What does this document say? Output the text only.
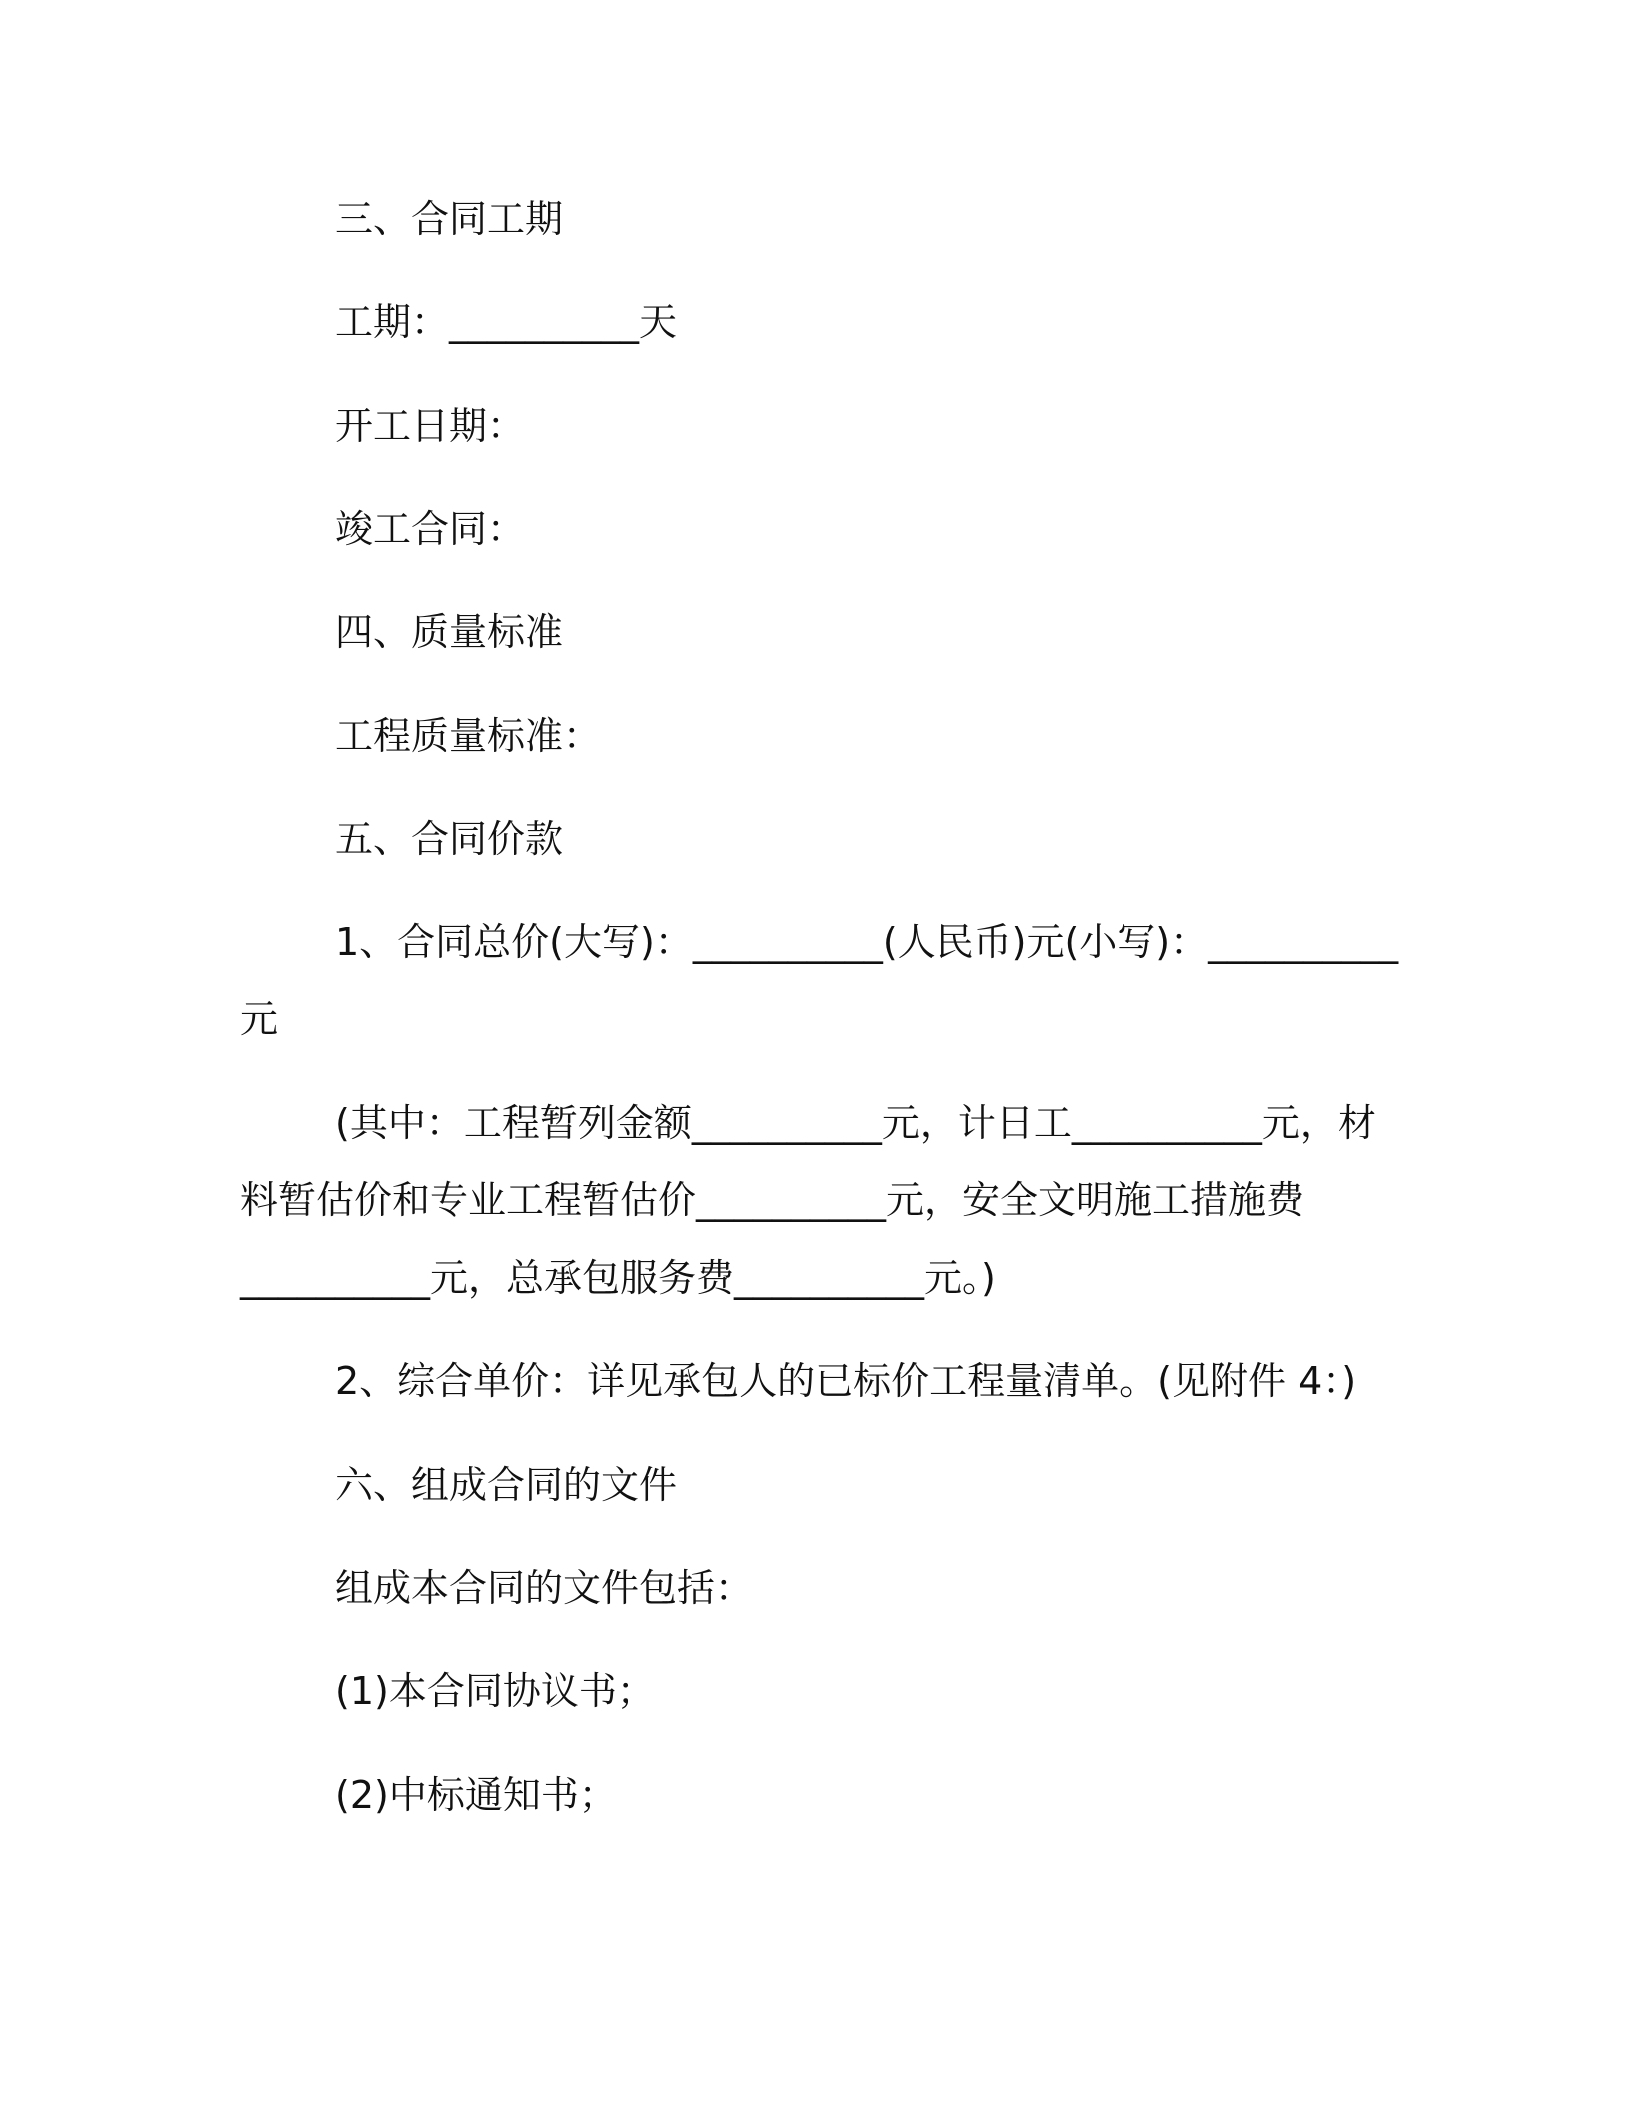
三、合同工期
工期：__________天
开工日期：
竣工合同：
四、质量标准
工程质量标准：
五、合同价款
1、合同总价(大写)：__________(人民币)元(小写)：__________
元
(其中：工程暂列金额__________元，计日工__________元，材
料暂估价和专业工程暂估价__________元，安全文明施工措施费
__________元，总承包服务费__________元。)
2、综合单价：详见承包人的已标价工程量清单。(见附件 4：)
六、组成合同的文件
组成本合同的文件包括：
(1)本合同协议书；
(2)中标通知书；
